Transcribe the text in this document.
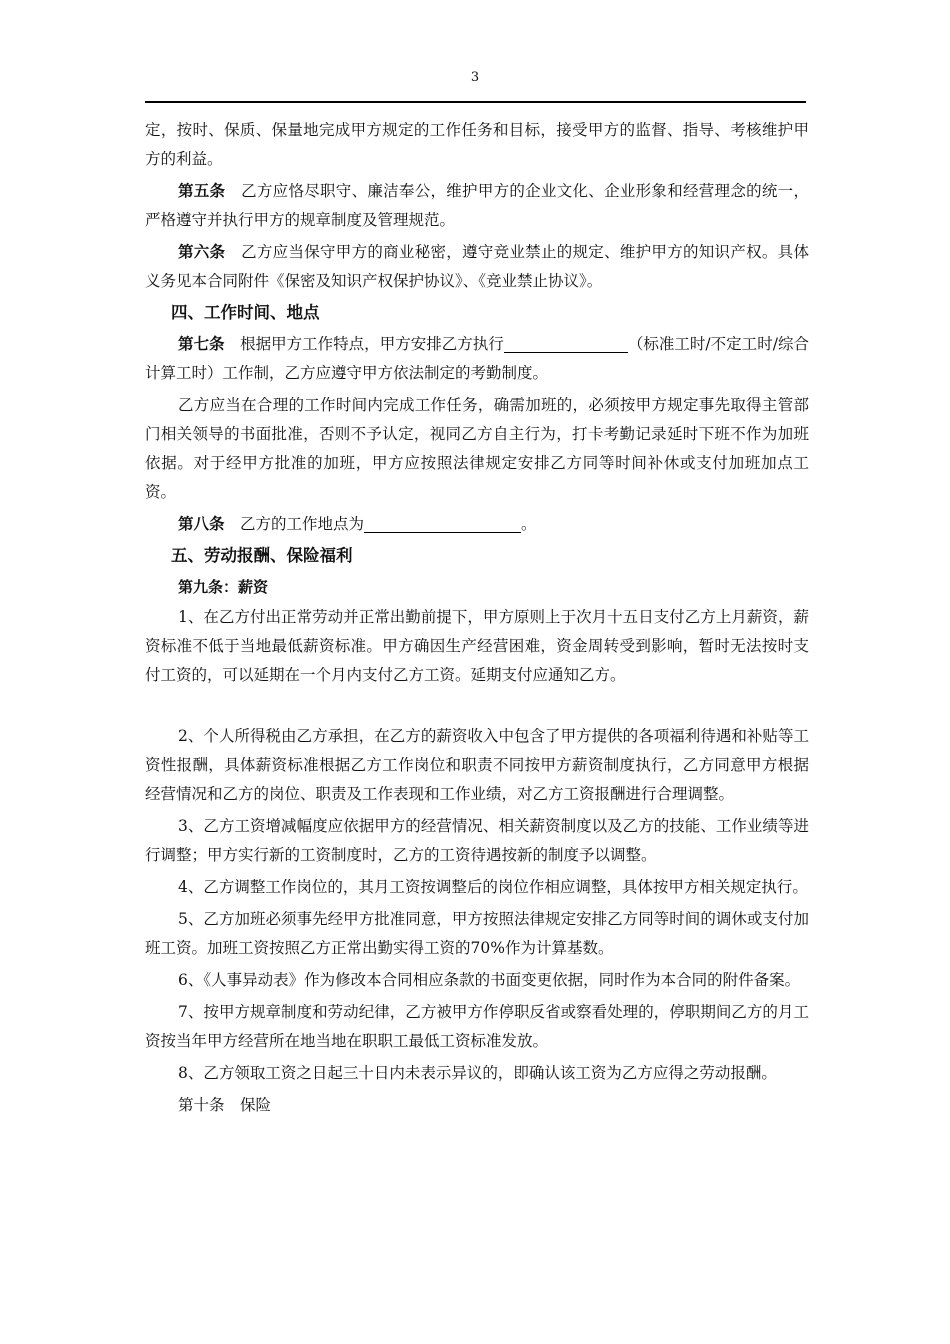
3

定，按时、保质、保量地完成甲方规定的工作任务和目标，接受甲方的监督、指导、考核维护甲方的利益。

第五条　 乙方应恪尽职守、廉洁奉公，维护甲方的企业文化、企业形象和经营理念的统一，严格遵守并执行甲方的规章制度及管理规范。

第六条　 乙方应当保守甲方的商业秘密，遵守竞业禁止的规定、维护甲方的知识产权。具体义务见本合同附件《保密及知识产权保护协议》、《竞业禁止协议》。

四、工作时间、地点

第七条　 根据甲方工作特点，甲方安排乙方执行	（标准工时/不定工时/综合计算工时）工作制，乙方应遵守甲方依法制定的考勤制度。

乙方应当在合理的工作时间内完成工作任务，确需加班的，必须按甲方规定事先取得主管部门相关领导的书面批准，否则不予认定，视同乙方自主行为，打卡考勤记录延时下班不作为加班依据。对于经甲方批准的加班，甲方应按照法律规定安排乙方同等时间补休或支付加班加点工资。

第八条　 乙方的工作地点为	。

五、劳动报酬、保险福利
第九条：薪资

1、在乙方付出正常劳动并正常出勤前提下，甲方原则上于次月十五日支付乙方上月薪资，薪资标准不低于当地最低薪资标准。甲方确因生产经营困难，资金周转受到影响，暂时无法按时支付工资的，可以延期在一个月内支付乙方工资。延期支付应通知乙方。

2、个人所得税由乙方承担，在乙方的薪资收入中包含了甲方提供的各项福利待遇和补贴等工资性报酬，具体薪资标准根据乙方工作岗位和职责不同按甲方薪资制度执行，乙方同意甲方根据经营情况和乙方的岗位、职责及工作表现和工作业绩，对乙方工资报酬进行合理调整。

3、乙方工资增减幅度应依据甲方的经营情况、相关薪资制度以及乙方的技能、工作业绩等进行调整；甲方实行新的工资制度时，乙方的工资待遇按新的制度予以调整。

4、乙方调整工作岗位的，其月工资按调整后的岗位作相应调整，具体按甲方相关规定执行。

5、乙方加班必须事先经甲方批准同意，甲方按照法律规定安排乙方同等时间的调休或支付加班工资。加班工资按照乙方正常出勤实得工资的70%作为计算基数。

6、《人事异动表》作为修改本合同相应条款的书面变更依据，同时作为本合同的附件备案。

7、按甲方规章制度和劳动纪律，乙方被甲方作停职反省或察看处理的，停职期间乙方的月工资按当年甲方经营所在地当地在职职工最低工资标准发放。

8、乙方领取工资之日起三十日内未表示异议的，即确认该工资为乙方应得之劳动报酬。

第十条　保险
